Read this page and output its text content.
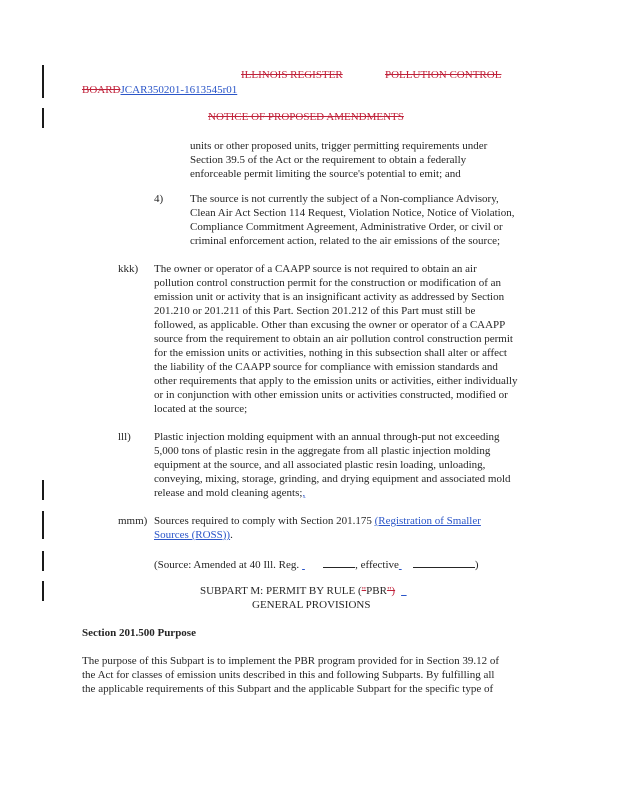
ILLINOIS REGISTER	POLLUTION CONTROL
BOARDJCAR350201-1613545r01
NOTICE OF PROPOSED AMENDMENTS
units or other proposed units, trigger permitting requirements under
Section 39.5 of the Act or the requirement to obtain a federally
enforceable permit limiting the source's potential to emit; and
4) The source is not currently the subject of a Non-compliance Advisory,
Clean Air Act Section 114 Request, Violation Notice, Notice of Violation,
Compliance Commitment Agreement, Administrative Order, or civil or
criminal enforcement action, related to the air emissions of the source;
kkk) The owner or operator of a CAAPP source is not required to obtain an air
pollution control construction permit for the construction or modification of an
emission unit or activity that is an insignificant activity as addressed by Section
201.210 or 201.211 of this Part. Section 201.212 of this Part must still be
followed, as applicable. Other than excusing the owner or operator of a CAAPP
source from the requirement to obtain an air pollution control construction permit
for the emission units or activities, nothing in this subsection shall alter or affect
the liability of the CAAPP source for compliance with emission standards and
other requirements that apply to the emission units or activities, either individually
or in conjunction with other emission units or activities constructed, modified or
located at the source;
lll) Plastic injection molding equipment with an annual through-put not exceeding
5,000 tons of plastic resin in the aggregate from all plastic injection molding
equipment at the source, and all associated plastic resin loading, unloading,
conveying, mixing, storage, grinding, and drying equipment and associated mold
release and mold cleaning agents;,
mmm) Sources required to comply with Section 201.175 (Registration of Smaller
Sources (ROSS)).
(Source: Amended at 40 Ill. Reg.	, effective	)
SUBPART M: PERMIT BY RULE ("PBR")
GENERAL PROVISIONS
Section 201.500 Purpose
The purpose of this Subpart is to implement the PBR program provided for in Section 39.12 of
the Act for classes of emission units described in this and following Subparts. By fulfilling all
the applicable requirements of this Subpart and the applicable Subpart for the specific type of
